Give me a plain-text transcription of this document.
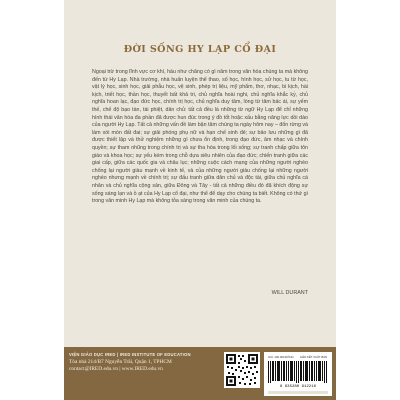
ĐỜI SỐNG HY LẠP CỔ ĐẠI

Ngoại trừ trong lĩnh vực cơ khí, hầu như chẳng có gì nằm trong văn hóa chúng ta mà không đến từ Hy Lạp. Nhà trường, nhà huấn luyện thể thao, số học, hình học, sử học, tu từ học, vật lý học, sinh học, giải phẫu học, vệ sinh, phép trị liệu, mỹ phẩm, thơ, nhạc, bi kịch, hài kịch, triết học, thần học, thuyết bất khả tri, chủ nghĩa hoài nghi, chủ nghĩa khắc kỷ, chủ nghĩa hoan lạc, đạo đức học, chính trị học, chủ nghĩa duy tâm, lòng từ tâm bác ái, sự yếm thế, chế độ bạo tàn, tài phiệt, dân chủ: tất cả đều là những từ ngữ Hy Lạp để chỉ những hình thái văn hóa đa phần đã được hun đúc trong ý đồ tốt hoặc xấu bằng năng lực dồi dào của người Hy Lạp. Tất cả những vấn đề làm bận tâm chúng ta ngày hôm nay – đốn rừng và làm xói mòn đất đai; sự giải phóng phụ nữ và hạn chế sinh đẻ; sự bảo lưu những gì đã được thiết lập và thử nghiệm những gì chưa ổn định, trong đạo đức, âm nhạc và chính quyền; sự tham nhũng trong chính trị và sự tha hóa trong lối sống; sự tranh chấp giữa tôn giáo và khoa học; sự yếu kém trong chỗ dựa siêu nhiên của đạo đức; chiến tranh giữa các giai cấp, giữa các quốc gia và châu lục; những cuộc cách mạng của những người nghèo chống lại người giàu mạnh về kinh tế, và của những người giàu chống lại những người nghèo nhưng mạnh về chính trị; sự đấu tranh giữa dân chủ và độc tài, giữa chủ nghĩa cá nhân và chủ nghĩa cộng sản, giữa Đông và Tây - tất cả những điều đó đã khích động sự sống sáng lạn và ồ ạt của Hy Lạp cổ đại, như thể để dạy cho chúng ta biết. Không có thứ gì trong văn minh Hy Lạp mà không tỏa sáng trong văn minh của chúng ta.

WILL DURANT
VIỆN GIÁO DỤC IRED | IRED INSTITUTE OF EDUCATION
Tòa nhà 214/B7 Nguyễn Trãi, Quận 1, TPHCM
contact@IRED.edu.vn | www.IRED.edu.vn
GIÁ: 196.000 ĐỒNG LIÊN KẾT XUẤT BẢN
8 935280 912216
